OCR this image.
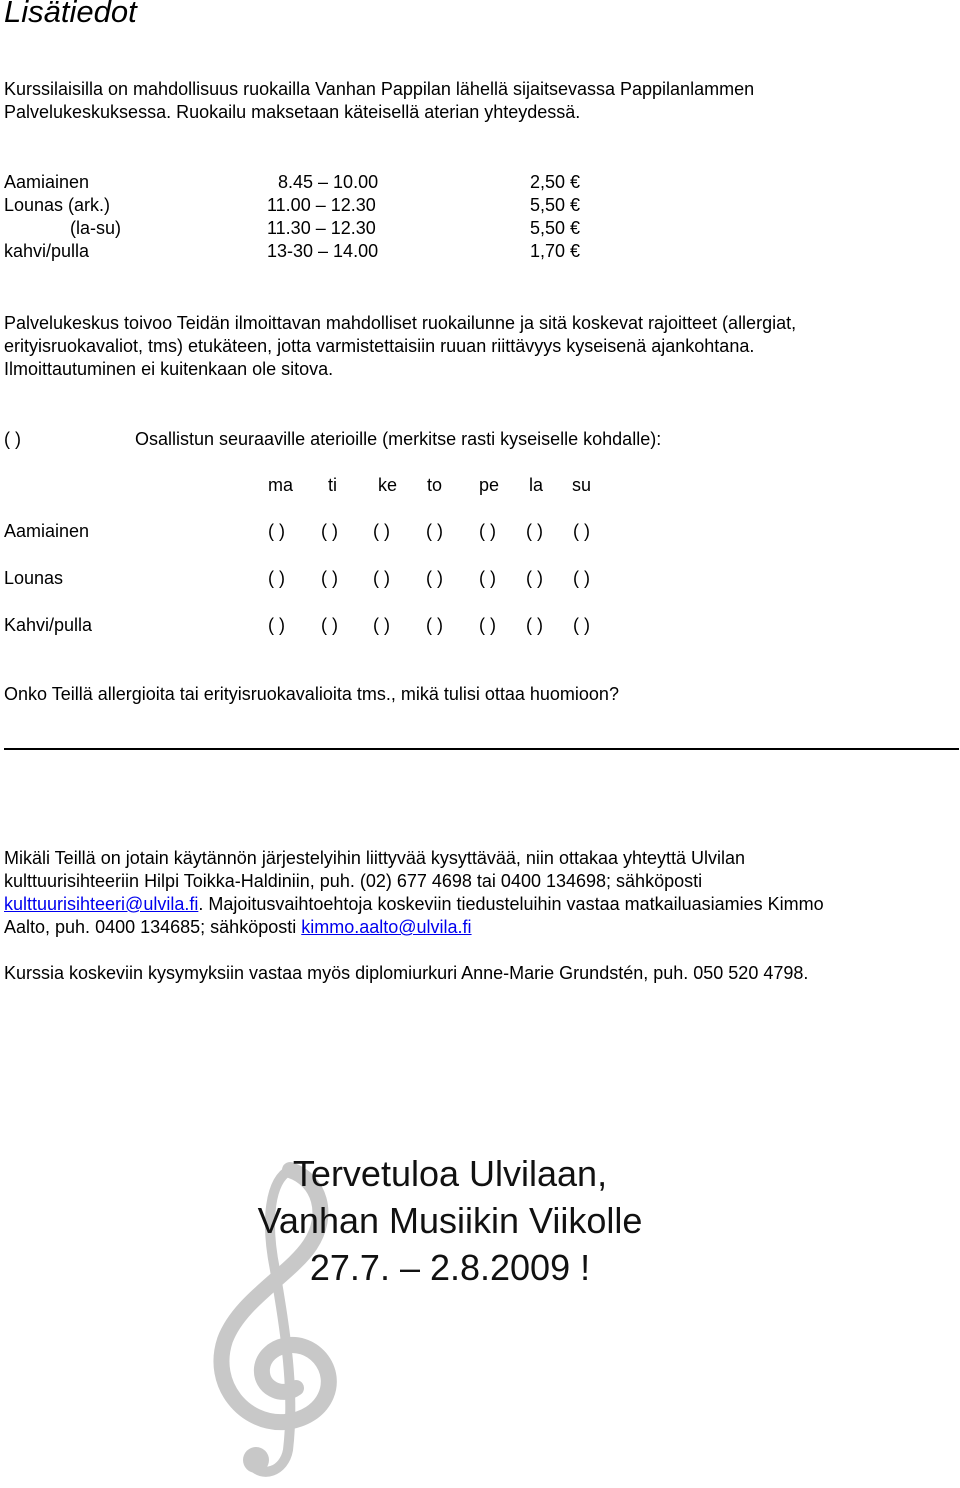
Lisätiedot

Kurssilaisilla on mahdollisuus ruokailla Vanhan Pappilan lähellä sijaitsevassa Pappilanlammen
Palvelukeskuksessa. Ruokailu maksetaan käteisellä aterian yhteydessä.

Aamiainen	8.45 – 10.00	2,50 €
Lounas (ark.)	11.00 – 12.30	5,50 €
(la-su)	11.30 – 12.30	5,50 €
kahvi/pulla	13-30 – 14.00	1,70 €

Palvelukeskus toivoo Teidän ilmoittavan mahdolliset ruokailunne ja sitä koskevat rajoitteet (allergiat,
erityisruokavaliot, tms) etukäteen, jotta varmistettaisiin ruuan riittävyys kyseisenä ajankohtana.
Ilmoittautuminen ei kuitenkaan ole sitova.

( )	Osallistun seuraaville aterioille (merkitse rasti kyseiselle kohdalle):
ma ti ke to pe la su
Aamiainen	( ) ( ) ( ) ( ) ( ) ( ) ( )
Lounas	( ) ( ) ( ) ( ) ( ) ( ) ( )
Kahvi/pulla	( ) ( ) ( ) ( ) ( ) ( ) ( )
Onko Teillä allergioita tai erityisruokavalioita tms., mikä tulisi ottaa huomioon?

Mikäli Teillä on jotain käytännön järjestelyihin liittyvää kysyttävää, niin ottakaa yhteyttä Ulvilan
kulttuurisihteeriin Hilpi Toikka-Haldiniin, puh. (02) 677 4698 tai 0400 134698; sähköposti
kulttuurisihteeri@ulvila.fi. Majoitusvaihtoehtoja koskeviin tiedusteluihin vastaa matkailuasiamies Kimmo
Aalto, puh. 0400 134685; sähköposti kimmo.aalto@ulvila.fi

Kurssia koskeviin kysymyksiin vastaa myös diplomiurkuri Anne-Marie Grundstén, puh. 050 520 4798.
Tervetuloa Ulvilaan,
Vanhan Musiikin Viikolle
27.7. – 2.8.2009 !
